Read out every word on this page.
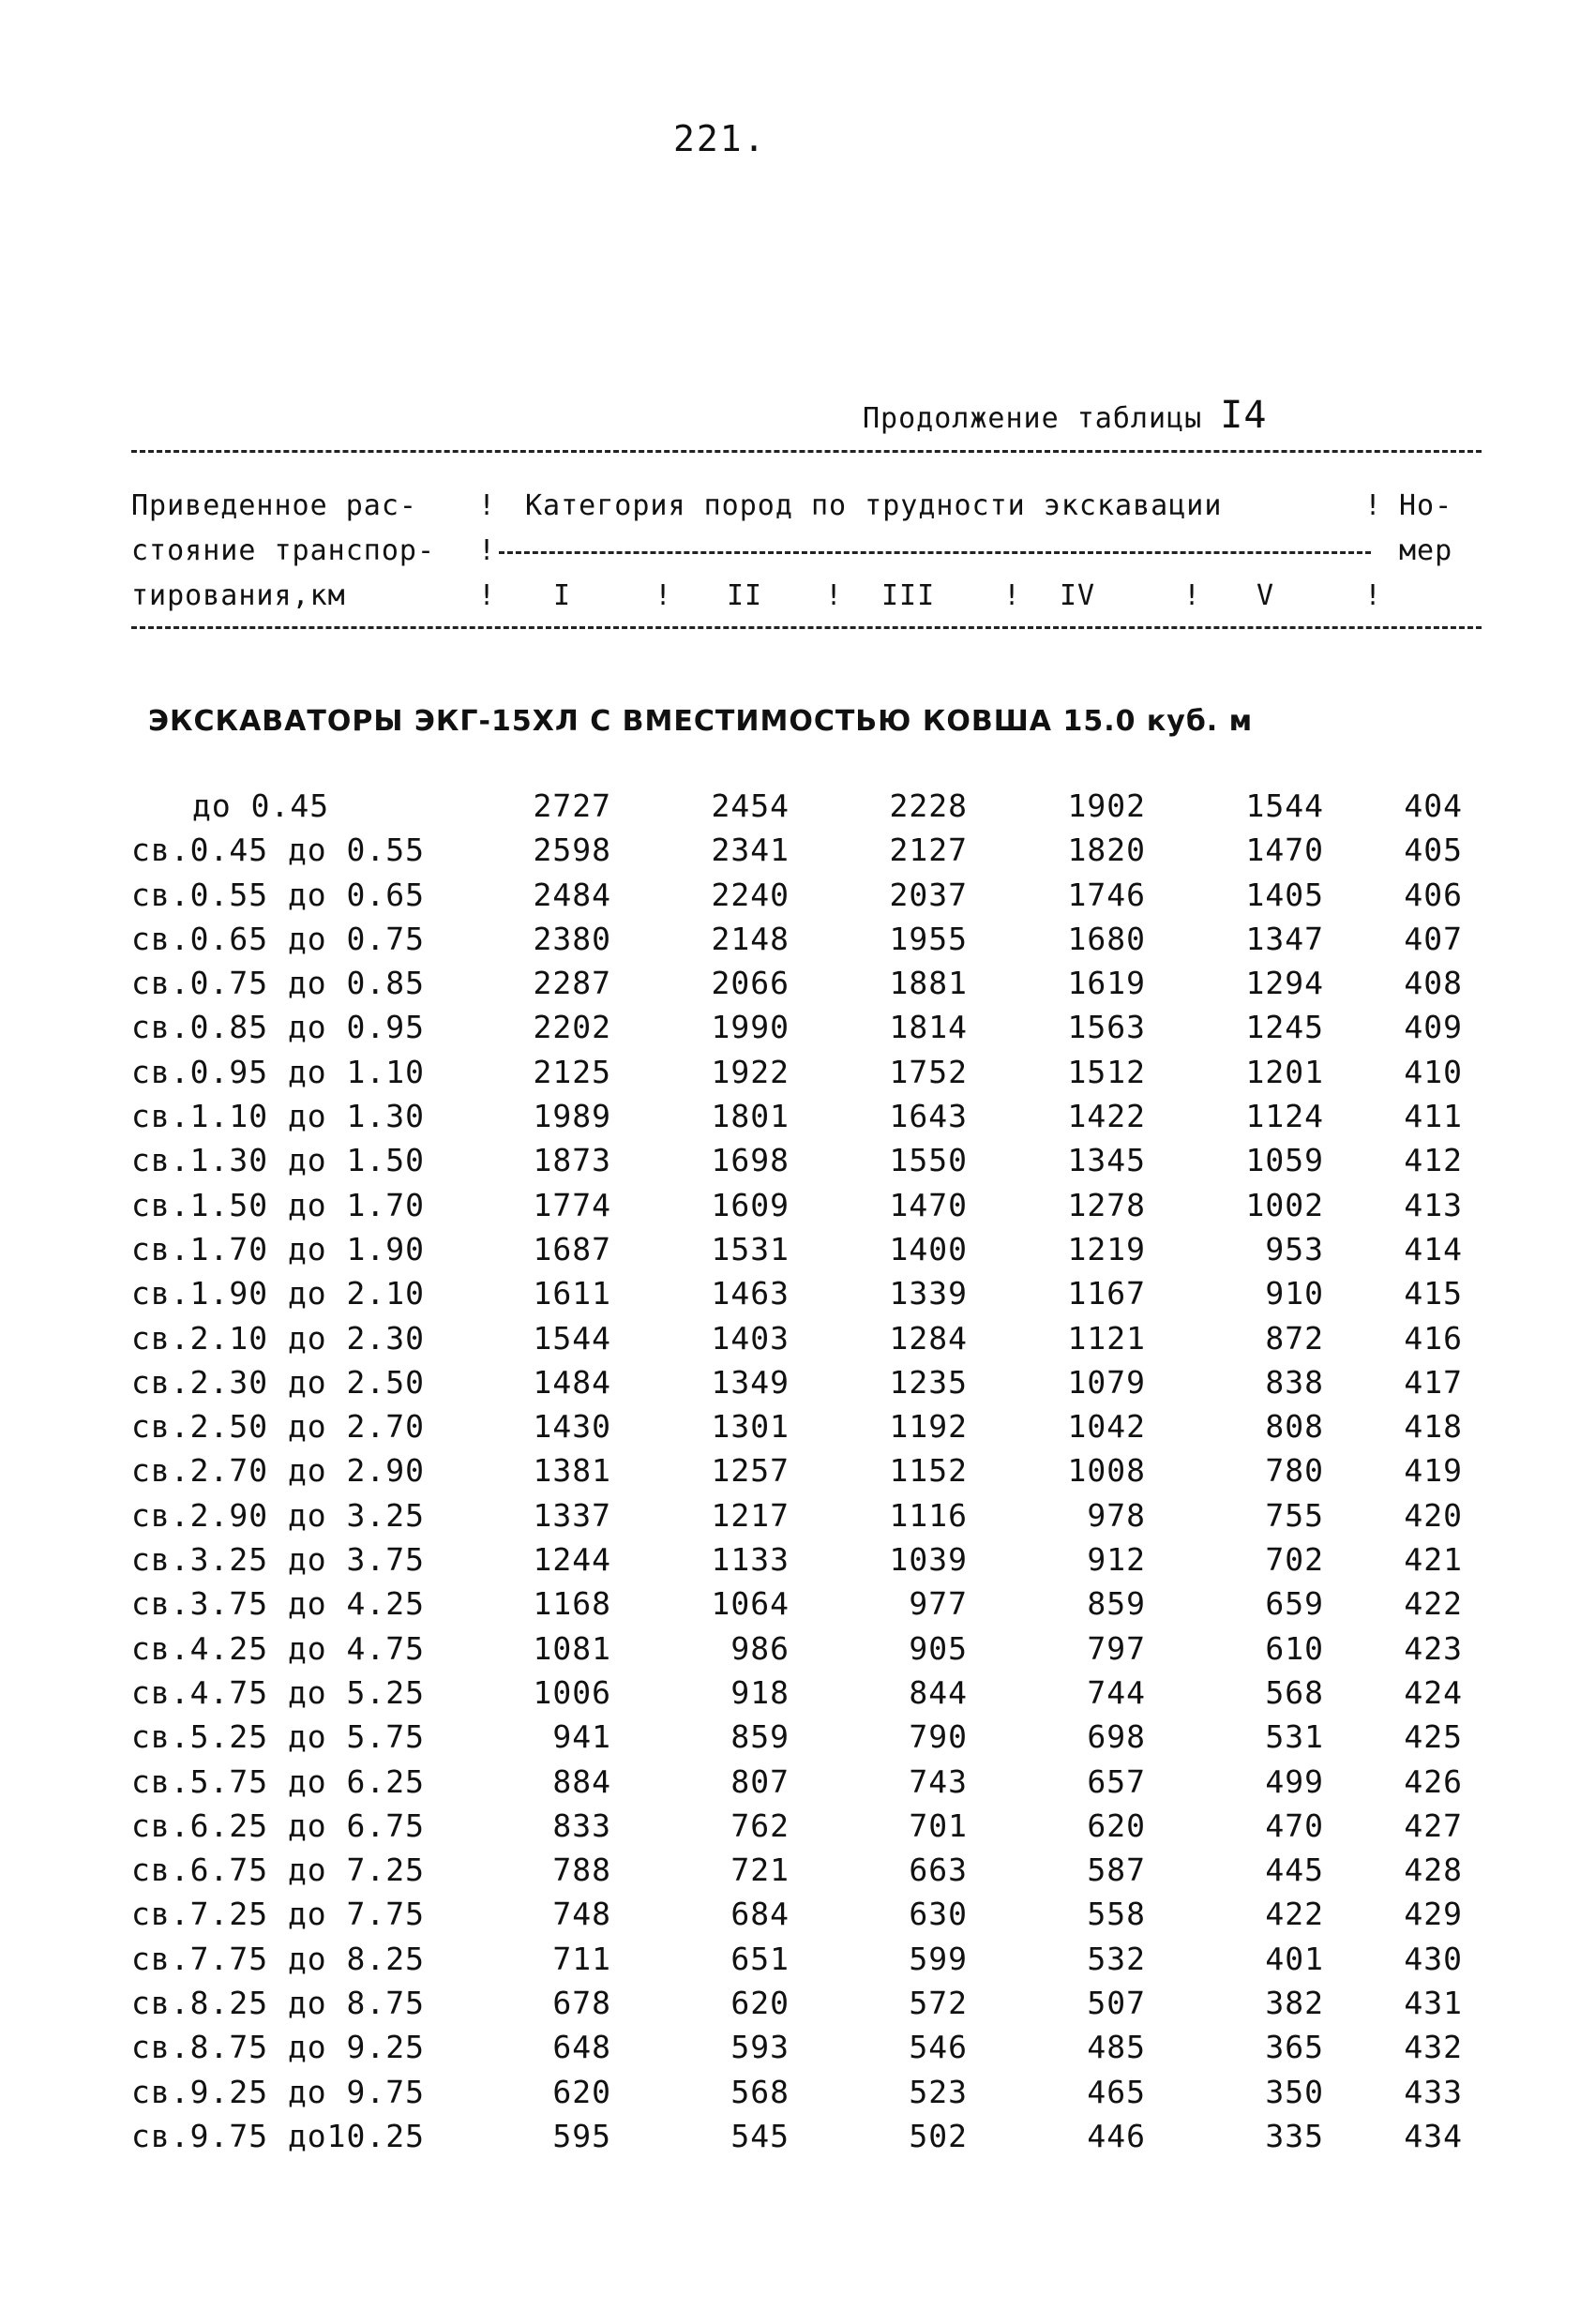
221.
Продолжение таблицы I4
Приведенное рас-
стояние транспор-
тирования,км
! Категория пород по трудности экскавации	! Но-
!	мер
! I	! II ! III ! IV	! V	!
ЭКСКАВАТОРЫ ЭКГ-15ХЛ С ВМЕСТИМОСТЬЮ КОВША 15.0 куб. м
до 0.45	2727	2454	2228	1902	1544	404
св.0.45 до 0.55	2598	2341	2127	1820	1470	405
св.0.55 до 0.65	2484	2240	2037	1746	1405	406
св.0.65 до 0.75	2380	2148	1955	1680	1347	407
св.0.75 до 0.85	2287	2066	1881	1619	1294	408
св.0.85 до 0.95	2202	1990	1814	1563	1245	409
св.0.95 до 1.10	2125	1922	1752	1512	1201	410
св.1.10 до 1.30	1989	1801	1643	1422	1124	411
св.1.30 до 1.50	1873	1698	1550	1345	1059	412
св.1.50 до 1.70	1774	1609	1470	1278	1002	413
св.1.70 до 1.90	1687	1531	1400	1219	953	414
св.1.90 до 2.10	1611	1463	1339	1167	910	415
св.2.10 до 2.30	1544	1403	1284	1121	872	416
св.2.30 до 2.50	1484	1349	1235	1079	838	417
св.2.50 до 2.70	1430	1301	1192	1042	808	418
св.2.70 до 2.90	1381	1257	1152	1008	780	419
св.2.90 до 3.25	1337	1217	1116	978	755	420
св.3.25 до 3.75	1244	1133	1039	912	702	421
св.3.75 до 4.25	1168	1064	977	859	659	422
св.4.25 до 4.75	1081	986	905	797	610	423
св.4.75 до 5.25	1006	918	844	744	568	424
св.5.25 до 5.75	941	859	790	698	531	425
св.5.75 до 6.25	884	807	743	657	499	426
св.6.25 до 6.75	833	762	701	620	470	427
св.6.75 до 7.25	788	721	663	587	445	428
св.7.25 до 7.75	748	684	630	558	422	429
св.7.75 до 8.25	711	651	599	532	401	430
св.8.25 до 8.75	678	620	572	507	382	431
св.8.75 до 9.25	648	593	546	485	365	432
св.9.25 до 9.75	620	568	523	465	350	433
св.9.75 до10.25	595	545	502	446	335	434
